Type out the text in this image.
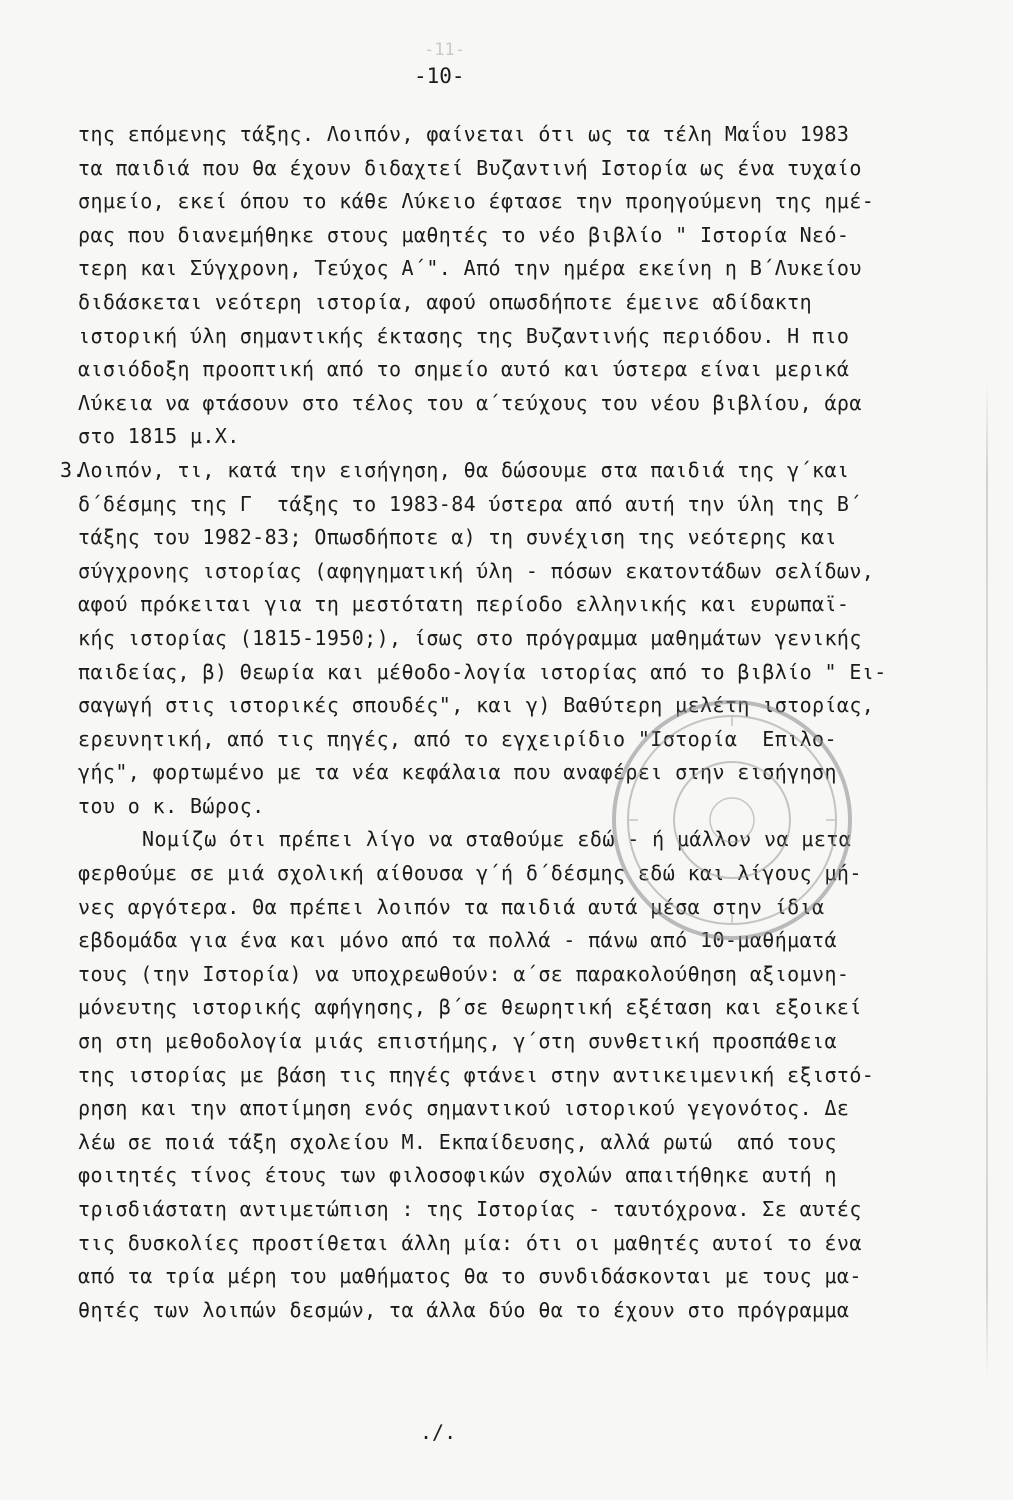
-11-
-10-
της επόμενης τάξης. Λοιπόν, φαίνεται ότι ως τα τέλη Μαΐου 1983
τα παιδιά που θα έχουν διδαχτεί Βυζαντινή Ιστορία ως ένα τυχαίο
σημείο, εκεί όπου το κάθε Λύκειο έφτασε την προηγούμενη της ημέ-
ρας που διανεμήθηκε στους μαθητές το νέο βιβλίο " Ιστορία Νεό-
τερη και Σύγχρονη, Τεύχος Α΄". Από την ημέρα εκείνη η Β΄Λυκείου
διδάσκεται νεότερη ιστορία, αφού οπωσδήποτε έμεινε αδίδακτη
ιστορική ύλη σημαντικής έκτασης της Βυζαντινής περιόδου. Η πιο
αισιόδοξη προοπτική από το σημείο αυτό και ύστερα είναι μερικά
Λύκεια να φτάσουν στο τέλος του α΄τεύχους του νέου βιβλίου, άρα
στο 1815 μ.Χ.
3.
Λοιπόν, τι, κατά την εισήγηση, θα δώσουμε στα παιδιά της γ΄και
δ΄δέσμης της Γ  τάξης το 1983-84 ύστερα από αυτή την ύλη της Β΄
τάξης του 1982-83; Οπωσδήποτε α) τη συνέχιση της νεότερης και
σύγχρονης ιστορίας (αφηγηματική ύλη - πόσων εκατοντάδων σελίδων,
αφού πρόκειται για τη μεστότατη περίοδο ελληνικής και ευρωπαϊ-
κής ιστορίας (1815-1950;), ίσως στο πρόγραμμα μαθημάτων γενικής
παιδείας, β) Θεωρία και μέθοδο-λογία ιστορίας από το βιβλίο " Ει-
σαγωγή στις ιστορικές σπουδές", και γ) Βαθύτερη μελέτη ιστορίας,
ερευνητική, από τις πηγές, από το εγχειρίδιο "Ιστορία  Επιλο-
γής", φορτωμένο με τα νέα κεφάλαια που αναφέρει στην εισήγηση
του ο κ. Βώρος.
Νομίζω ότι πρέπει λίγο να σταθούμε εδώ - ή μάλλον να μετα
φερθούμε σε μιά σχολική αίθουσα γ΄ή δ΄δέσμης εδώ και λίγους μή-
νες αργότερα. Θα πρέπει λοιπόν τα παιδιά αυτά μέσα στην ίδια
εβδομάδα για ένα και μόνο από τα πολλά - πάνω από 10-μαθήματά
τους (την Ιστορία) να υποχρεωθούν: α΄σε παρακολούθηση αξιομνη-
μόνευτης ιστορικής αφήγησης, β΄σε θεωρητική εξέταση και εξοικεί
ση στη μεθοδολογία μιάς επιστήμης, γ΄στη συνθετική προσπάθεια
της ιστορίας με βάση τις πηγές φτάνει στην αντικειμενική εξιστό-
ρηση και την αποτίμηση ενός σημαντικού ιστορικού γεγονότος. Δε
λέω σε ποιά τάξη σχολείου Μ. Εκπαίδευσης, αλλά ρωτώ  από τους
φοιτητές τίνος έτους των φιλοσοφικών σχολών απαιτήθηκε αυτή η
τρισδιάστατη αντιμετώπιση : της Ιστορίας - ταυτόχρονα. Σε αυτές
τις δυσκολίες προστίθεται άλλη μία: ότι οι μαθητές αυτοί το ένα
από τα τρία μέρη του μαθήματος θα το συνδιδάσκονται με τους μα-
θητές των λοιπών δεσμών, τα άλλα δύο θα το έχουν στο πρόγραμμα
.∕.
